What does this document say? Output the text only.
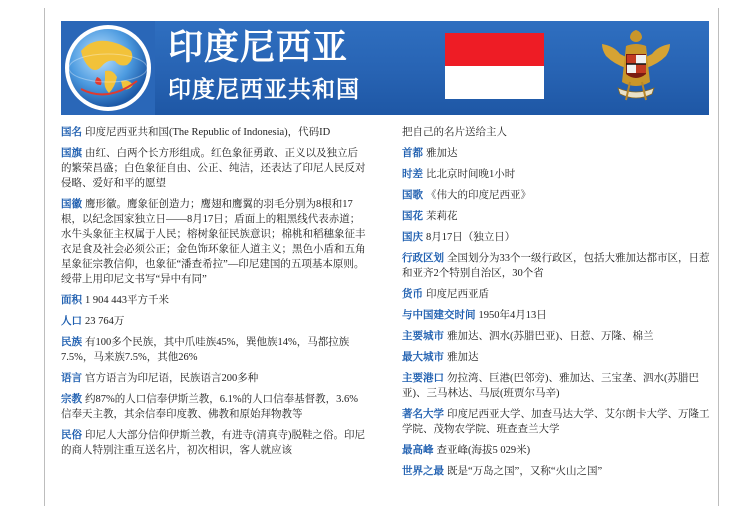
印度尼西亚
印度尼西亚共和国
国名 印度尼西亚共和国(The Republic of Indonesia)，代码ID
国旗 由红、白两个长方形组成。红色象征勇敢、正义以及独立后的繁荣昌盛；白色象征自由、公正、纯洁，还表达了印尼人民反对侵略、爱好和平的愿望
国徽 鹰形徽。鹰象征创造力；鹰翅和鹰翼的羽毛分别为8根和17根，以纪念国家独立日——8月17日；盾面上的粗黑线代表赤道；水牛头象征主权属于人民；榕树象征民族意识；棉桃和稻穗象征丰衣足食及社会必须公正；金色饰环象征人道主义；黑色小盾和五角星象征宗教信仰，也象征“潘查希拉”—印尼建国的五项基本原则。绶带上用印尼文书写“异中有同”
面积 1 904 443平方千米
人口 23 764万
民族 有100多个民族，其中爪哇族45%，巽他族14%，马都拉族7.5%，马来族7.5%，其他26%
语言 官方语言为印尼语，民族语言200多种
宗教 约87%的人口信奉伊斯兰教，6.1%的人口信奉基督教，3.6%信奉天主教，其余信奉印度教、佛教和原始拜物教等
民俗 印尼人大部分信仰伊斯兰教，有进寺(清真寺)脱鞋之俗。印尼的商人特别注重互送名片，初次相识，客人就应该
把自己的名片送给主人
首都 雅加达
时差 比北京时间晚1小时
国歌 《伟大的印度尼西亚》
国花 茉莉花
国庆 8月17日（独立日）
行政区划 全国划分为33个一级行政区，包括大雅加达都市区，日惹和亚齐2个特别自治区，30个省
货币 印度尼西亚盾
与中国建交时间 1950年4月13日
主要城市 雅加达、泗水(苏腊巴亚)、日惹、万隆、棉兰
最大城市 雅加达
主要港口 勿拉湾、巨港(巴邻旁)、雅加达、三宝垄、泗水(苏腊巴亚)、三马林达、马辰(班贾尔马辛)
著名大学 印度尼西亚大学、加查马达大学、艾尔朗卡大学、万隆工学院、茂物农学院、班查查兰大学
最高峰 查亚峰(海拔5 029米)
世界之最 既是“万岛之国”，又称“火山之国”
